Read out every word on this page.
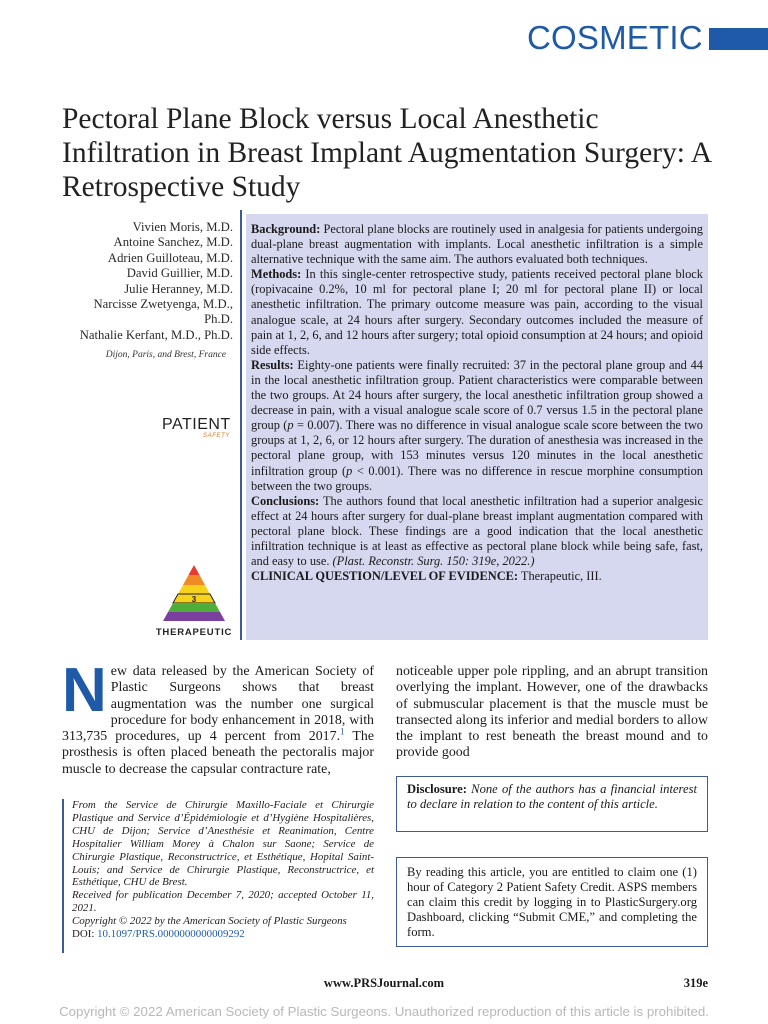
COSMETIC
Pectoral Plane Block versus Local Anesthetic Infiltration in Breast Implant Augmentation Surgery: A Retrospective Study
Vivien Moris, M.D.
Antoine Sanchez, M.D.
Adrien Guilloteau, M.D.
David Guillier, M.D.
Julie Heranney, M.D.
Narcisse Zwetyenga, M.D.,
Ph.D.
Nathalie Kerfant, M.D., Ph.D.
Dijon, Paris, and Brest, France
PATIENT
SAFETY
3
THERAPEUTIC

Background: Pectoral plane blocks are routinely used in analgesia for patients undergoing dual-plane breast augmentation with implants. Local anesthetic infiltration is a simple alternative technique with the same aim. The authors evaluated both techniques.

Methods: In this single-center retrospective study, patients received pectoral plane block (ropivacaine 0.2%, 10 ml for pectoral plane I; 20 ml for pectoral plane II) or local anesthetic infiltration. The primary outcome measure was pain, according to the visual analogue scale, at 24 hours after surgery. Secondary outcomes included the measure of pain at 1, 2, 6, and 12 hours after surgery; total opioid consumption at 24 hours; and opioid side effects.

Results: Eighty-one patients were finally recruited: 37 in the pectoral plane group and 44 in the local anesthetic infiltration group. Patient characteristics were comparable between the two groups. At 24 hours after surgery, the local anesthetic infiltration group showed a decrease in pain, with a visual analogue scale score of 0.7 versus 1.5 in the pectoral plane group (p = 0.007). There was no difference in visual analogue scale score between the two groups at 1, 2, 6, or 12 hours after surgery. The duration of anesthesia was increased in the pectoral plane group, with 153 minutes versus 120 minutes in the local anesthetic infiltration group (p < 0.001). There was no difference in rescue morphine consumption between the two groups.

Conclusions: The authors found that local anesthetic infiltration had a superior analgesic effect at 24 hours after surgery for dual-plane breast implant augmentation compared with pectoral plane block. These findings are a good indication that the local anesthetic infiltration technique is at least as effective as pectoral plane block while being safe, fast, and easy to use. (Plast. Reconstr. Surg. 150: 319e, 2022.)

CLINICAL QUESTION/LEVEL OF EVIDENCE: Therapeutic, III.

New data released by the American Society of Plastic Surgeons shows that breast augmentation was the number one surgical procedure for body enhancement in 2018, with 313,735 procedures, up 4 percent from 2017.$^1$ The prosthesis is often placed beneath the pectoralis major muscle to decrease the capsular contracture rate,
noticeable upper pole rippling, and an abrupt transition overlying the implant. However, one of the drawbacks of submuscular placement is that the muscle must be transected along its inferior and medial borders to allow the implant to rest beneath the breast mound and to provide good
From the Service de Chirurgie Maxillo-Faciale et Chirurgie Plastique and Service d’Épidémiologie et d’Hygiène Hospitalières, CHU de Dijon; Service d’Anesthésie et Reanimation, Centre Hospitalier William Morey à Chalon sur Saone; Service de Chirurgie Plastique, Reconstructrice, et Esthétique, Hopital Saint-Louis; and Service de Chirurgie Plastique, Reconstructrice, et Esthétique, CHU de Brest.
Received for publication December 7, 2020; accepted October 11, 2021.
Copyright © 2022 by the American Society of Plastic Surgeons
DOI: 10.1097/PRS.0000000000009292
Disclosure: None of the authors has a financial interest to declare in relation to the content of this article.
By reading this article, you are entitled to claim one (1) hour of Category 2 Patient Safety Credit. ASPS members can claim this credit by logging in to PlasticSurgery.org Dashboard, clicking “Submit CME,” and completing the form.
www.PRSJournal.com	319e
Copyright © 2022 American Society of Plastic Surgeons. Unauthorized reproduction of this article is prohibited.
